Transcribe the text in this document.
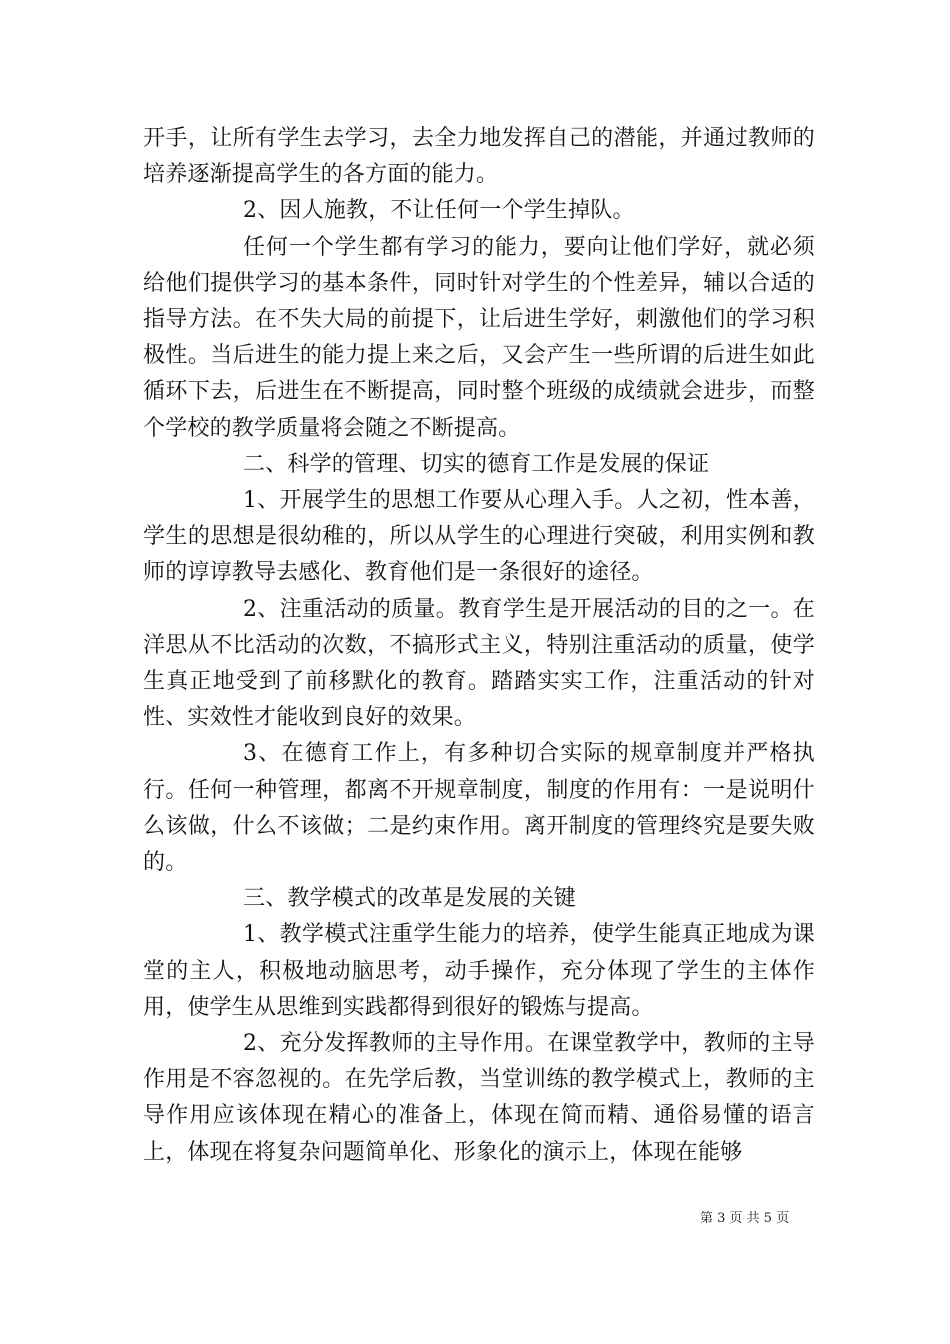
开手，让所有学生去学习，去全力地发挥自己的潜能，并通过教师的培养逐渐提高学生的各方面的能力。

2、因人施教，不让任何一个学生掉队。

任何一个学生都有学习的能力，要向让他们学好，就必须给他们提供学习的基本条件，同时针对学生的个性差异，辅以合适的指导方法。在不失大局的前提下，让后进生学好，刺激他们的学习积极性。当后进生的能力提上来之后，又会产生一些所谓的后进生如此循环下去，后进生在不断提高，同时整个班级的成绩就会进步，而整个学校的教学质量将会随之不断提高。

二、科学的管理、切实的德育工作是发展的保证

1、开展学生的思想工作要从心理入手。人之初，性本善，学生的思想是很幼稚的，所以从学生的心理进行突破，利用实例和教师的谆谆教导去感化、教育他们是一条很好的途径。

2、注重活动的质量。教育学生是开展活动的目的之一。在洋思从不比活动的次数，不搞形式主义，特别注重活动的质量，使学生真正地受到了前移默化的教育。踏踏实实工作，注重活动的针对性、实效性才能收到良好的效果。

3、在德育工作上，有多种切合实际的规章制度并严格执行。任何一种管理，都离不开规章制度，制度的作用有：一是说明什么该做，什么不该做；二是约束作用。离开制度的管理终究是要失败的。

三、教学模式的改革是发展的关键

1、教学模式注重学生能力的培养，使学生能真正地成为课堂的主人，积极地动脑思考，动手操作，充分体现了学生的主体作用，使学生从思维到实践都得到很好的锻炼与提高。

2、充分发挥教师的主导作用。在课堂教学中，教师的主导作用是不容忽视的。在先学后教，当堂训练的教学模式上，教师的主导作用应该体现在精心的准备上，体现在简而精、通俗易懂的语言上，体现在将复杂问题简单化、形象化的演示上，体现在能够

第 3 页 共 5 页
